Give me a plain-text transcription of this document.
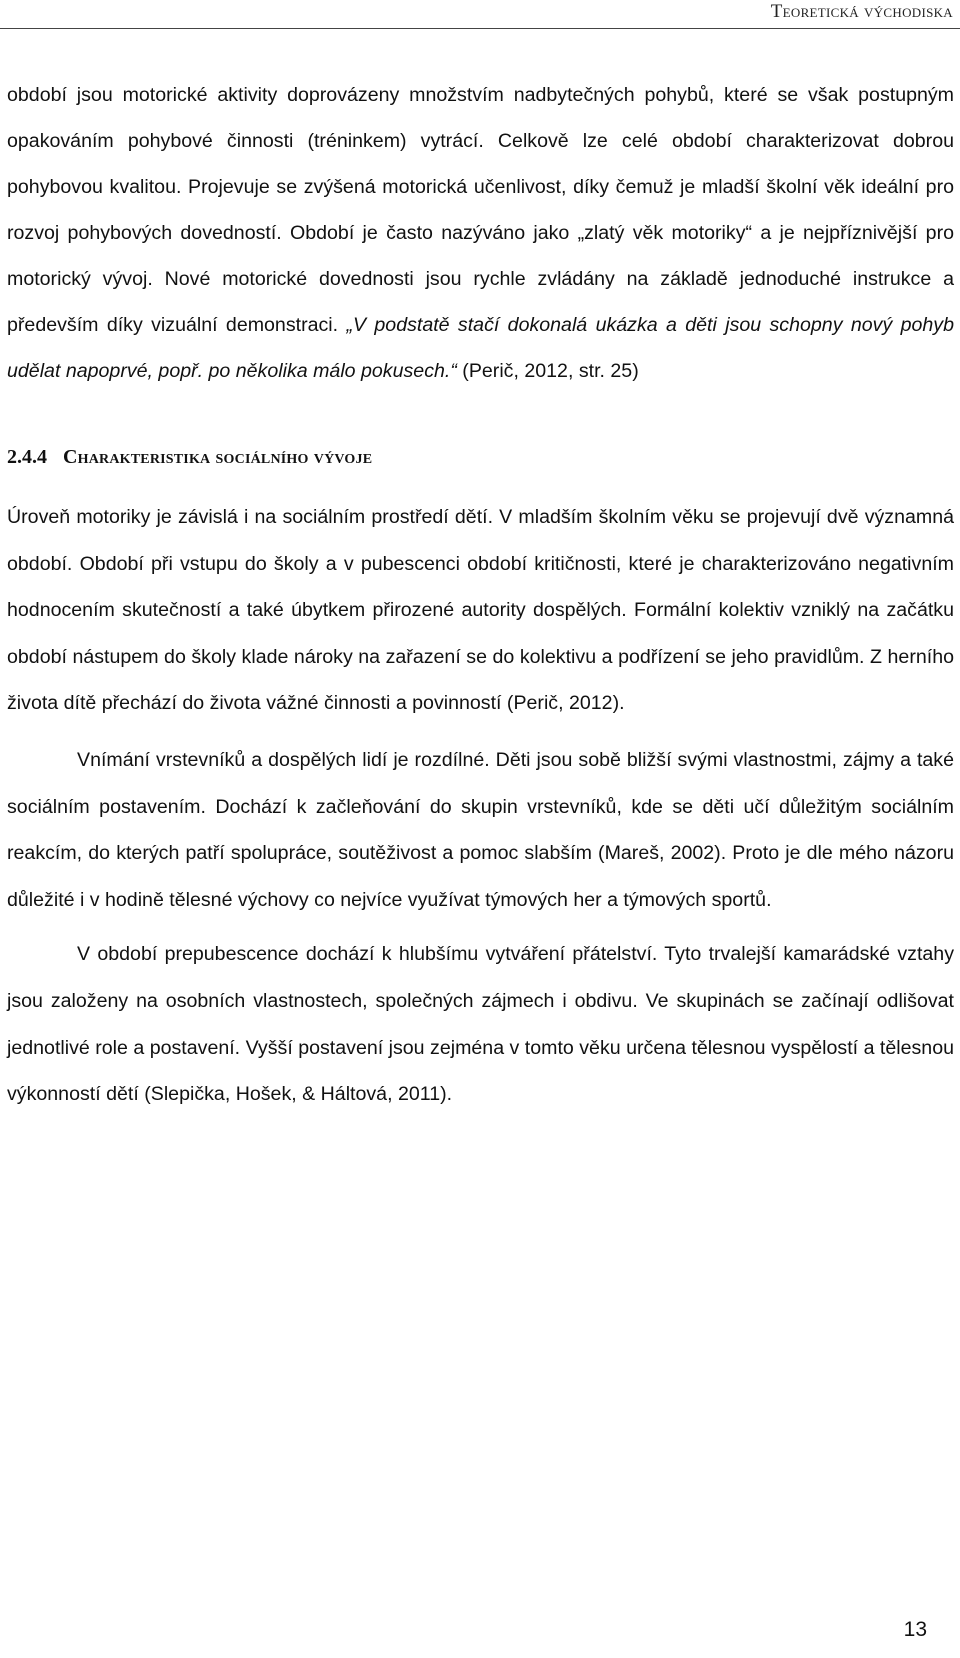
Teoretická východiska

období jsou motorické aktivity doprovázeny množstvím nadbytečných pohybů, které se však postupným opakováním pohybové činnosti (tréninkem) vytrácí. Celkově lze celé období charakterizovat dobrou pohybovou kvalitou. Projevuje se zvýšená motorická učenlivost, díky čemuž je mladší školní věk ideální pro rozvoj pohybových dovedností. Období je často nazýváno jako „zlatý věk motoriky“ a je nejpříznivější pro motorický vývoj. Nové motorické dovednosti jsou rychle zvládány na základě jednoduché instrukce a především díky vizuální demonstraci. „V podstatě stačí dokonalá ukázka a děti jsou schopny nový pohyb udělat napoprvé, popř. po několika málo pokusech.“ (Perič, 2012, str. 25)

2.4.4 Charakteristika sociálního vývoje

Úroveň motoriky je závislá i na sociálním prostředí dětí. V mladším školním věku se projevují dvě významná období. Období při vstupu do školy a v pubescenci období kritičnosti, které je charakterizováno negativním hodnocením skutečností a také úbytkem přirozené autority dospělých. Formální kolektiv vzniklý na začátku období nástupem do školy klade nároky na zařazení se do kolektivu a podřízení se jeho pravidlům. Z herního života dítě přechází do života vážné činnosti a povinností (Perič, 2012).

Vnímání vrstevníků a dospělých lidí je rozdílné. Děti jsou sobě bližší svými vlastnostmi, zájmy a také sociálním postavením. Dochází k začleňování do skupin vrstevníků, kde se děti učí důležitým sociálním reakcím, do kterých patří spolupráce, soutěživost a pomoc slabším (Mareš, 2002). Proto je dle mého názoru důležité i v hodině tělesné výchovy co nejvíce využívat týmových her a týmových sportů.

V období prepubescence dochází k hlubšímu vytváření přátelství. Tyto trvalejší kamarádské vztahy jsou založeny na osobních vlastnostech, společných zájmech i obdivu. Ve skupinách se začínají odlišovat jednotlivé role a postavení. Vyšší postavení jsou zejména v tomto věku určena tělesnou vyspělostí a tělesnou výkonností dětí (Slepička, Hošek, & Háltová, 2011).

13
